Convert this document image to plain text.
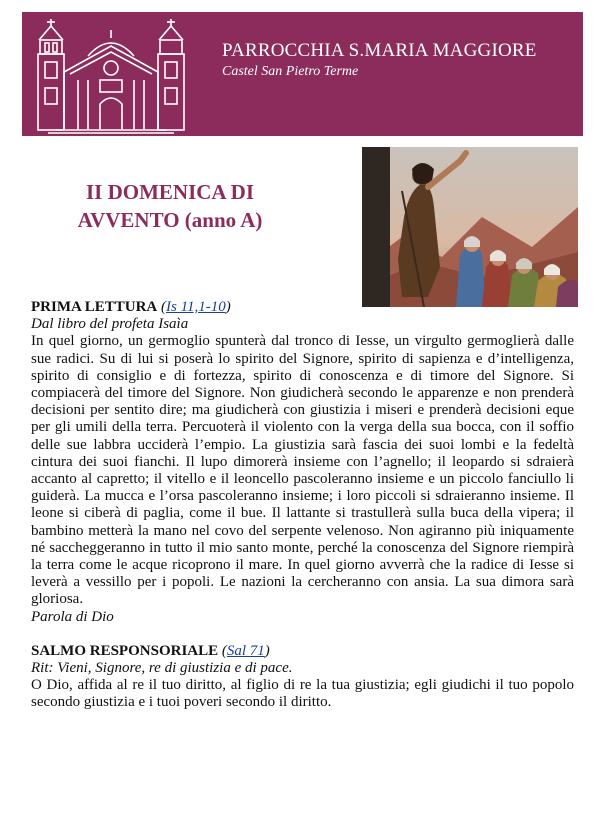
PARROCCHIA S.MARIA MAGGIORE
Castel San Pietro Terme
II DOMENICA DI
AVVENTO (anno A)
PRIMA LETTURA (Is 11,1-10)
Dal libro del profeta Isaìa
In quel giorno, un germoglio spunterà dal tronco di Iesse, un virgulto germoglierà dalle sue radici. Su di lui si poserà lo spirito del Signore, spirito di sapienza e d’intelligenza, spirito di consiglio e di fortezza, spirito di conoscenza e di timore del Signore. Si compiacerà del timore del Signore. Non giudicherà secondo le apparenze e non prenderà decisioni per sentito dire; ma giudicherà con giustizia i miseri e prenderà decisioni eque per gli umili della terra. Percuoterà il violento con la verga della sua bocca, con il soffio delle sue labbra ucciderà l’empio. La giustizia sarà fascia dei suoi lombi e la fedeltà cintura dei suoi fianchi. Il lupo dimorerà insieme con l’agnello; il leopardo si sdraierà accanto al capretto; il vitello e il leoncello pascoleranno insieme e un piccolo fanciullo li guiderà. La mucca e l’orsa pascoleranno insieme; i loro piccoli si sdraieranno insieme. Il leone si ciberà di paglia, come il bue. Il lattante si trastullerà sulla buca della vipera; il bambino metterà la mano nel covo del serpente velenoso. Non agiranno più iniquamente né saccheggeranno in tutto il mio santo monte, perché la conoscenza del Signore riempirà la terra come le acque ricoprono il mare. In quel giorno avverrà che la radice di Iesse si leverà a vessillo per i popoli. Le nazioni la cercheranno con ansia. La sua dimora sarà gloriosa.
Parola di Dio
SALMO RESPONSORIALE (Sal 71)
Rit: Vieni, Signore, re di giustizia e di pace.
O Dio, affida al re il tuo diritto, al figlio di re la tua giustizia; egli giudichi il tuo popolo secondo giustizia e i tuoi poveri secondo il diritto.
